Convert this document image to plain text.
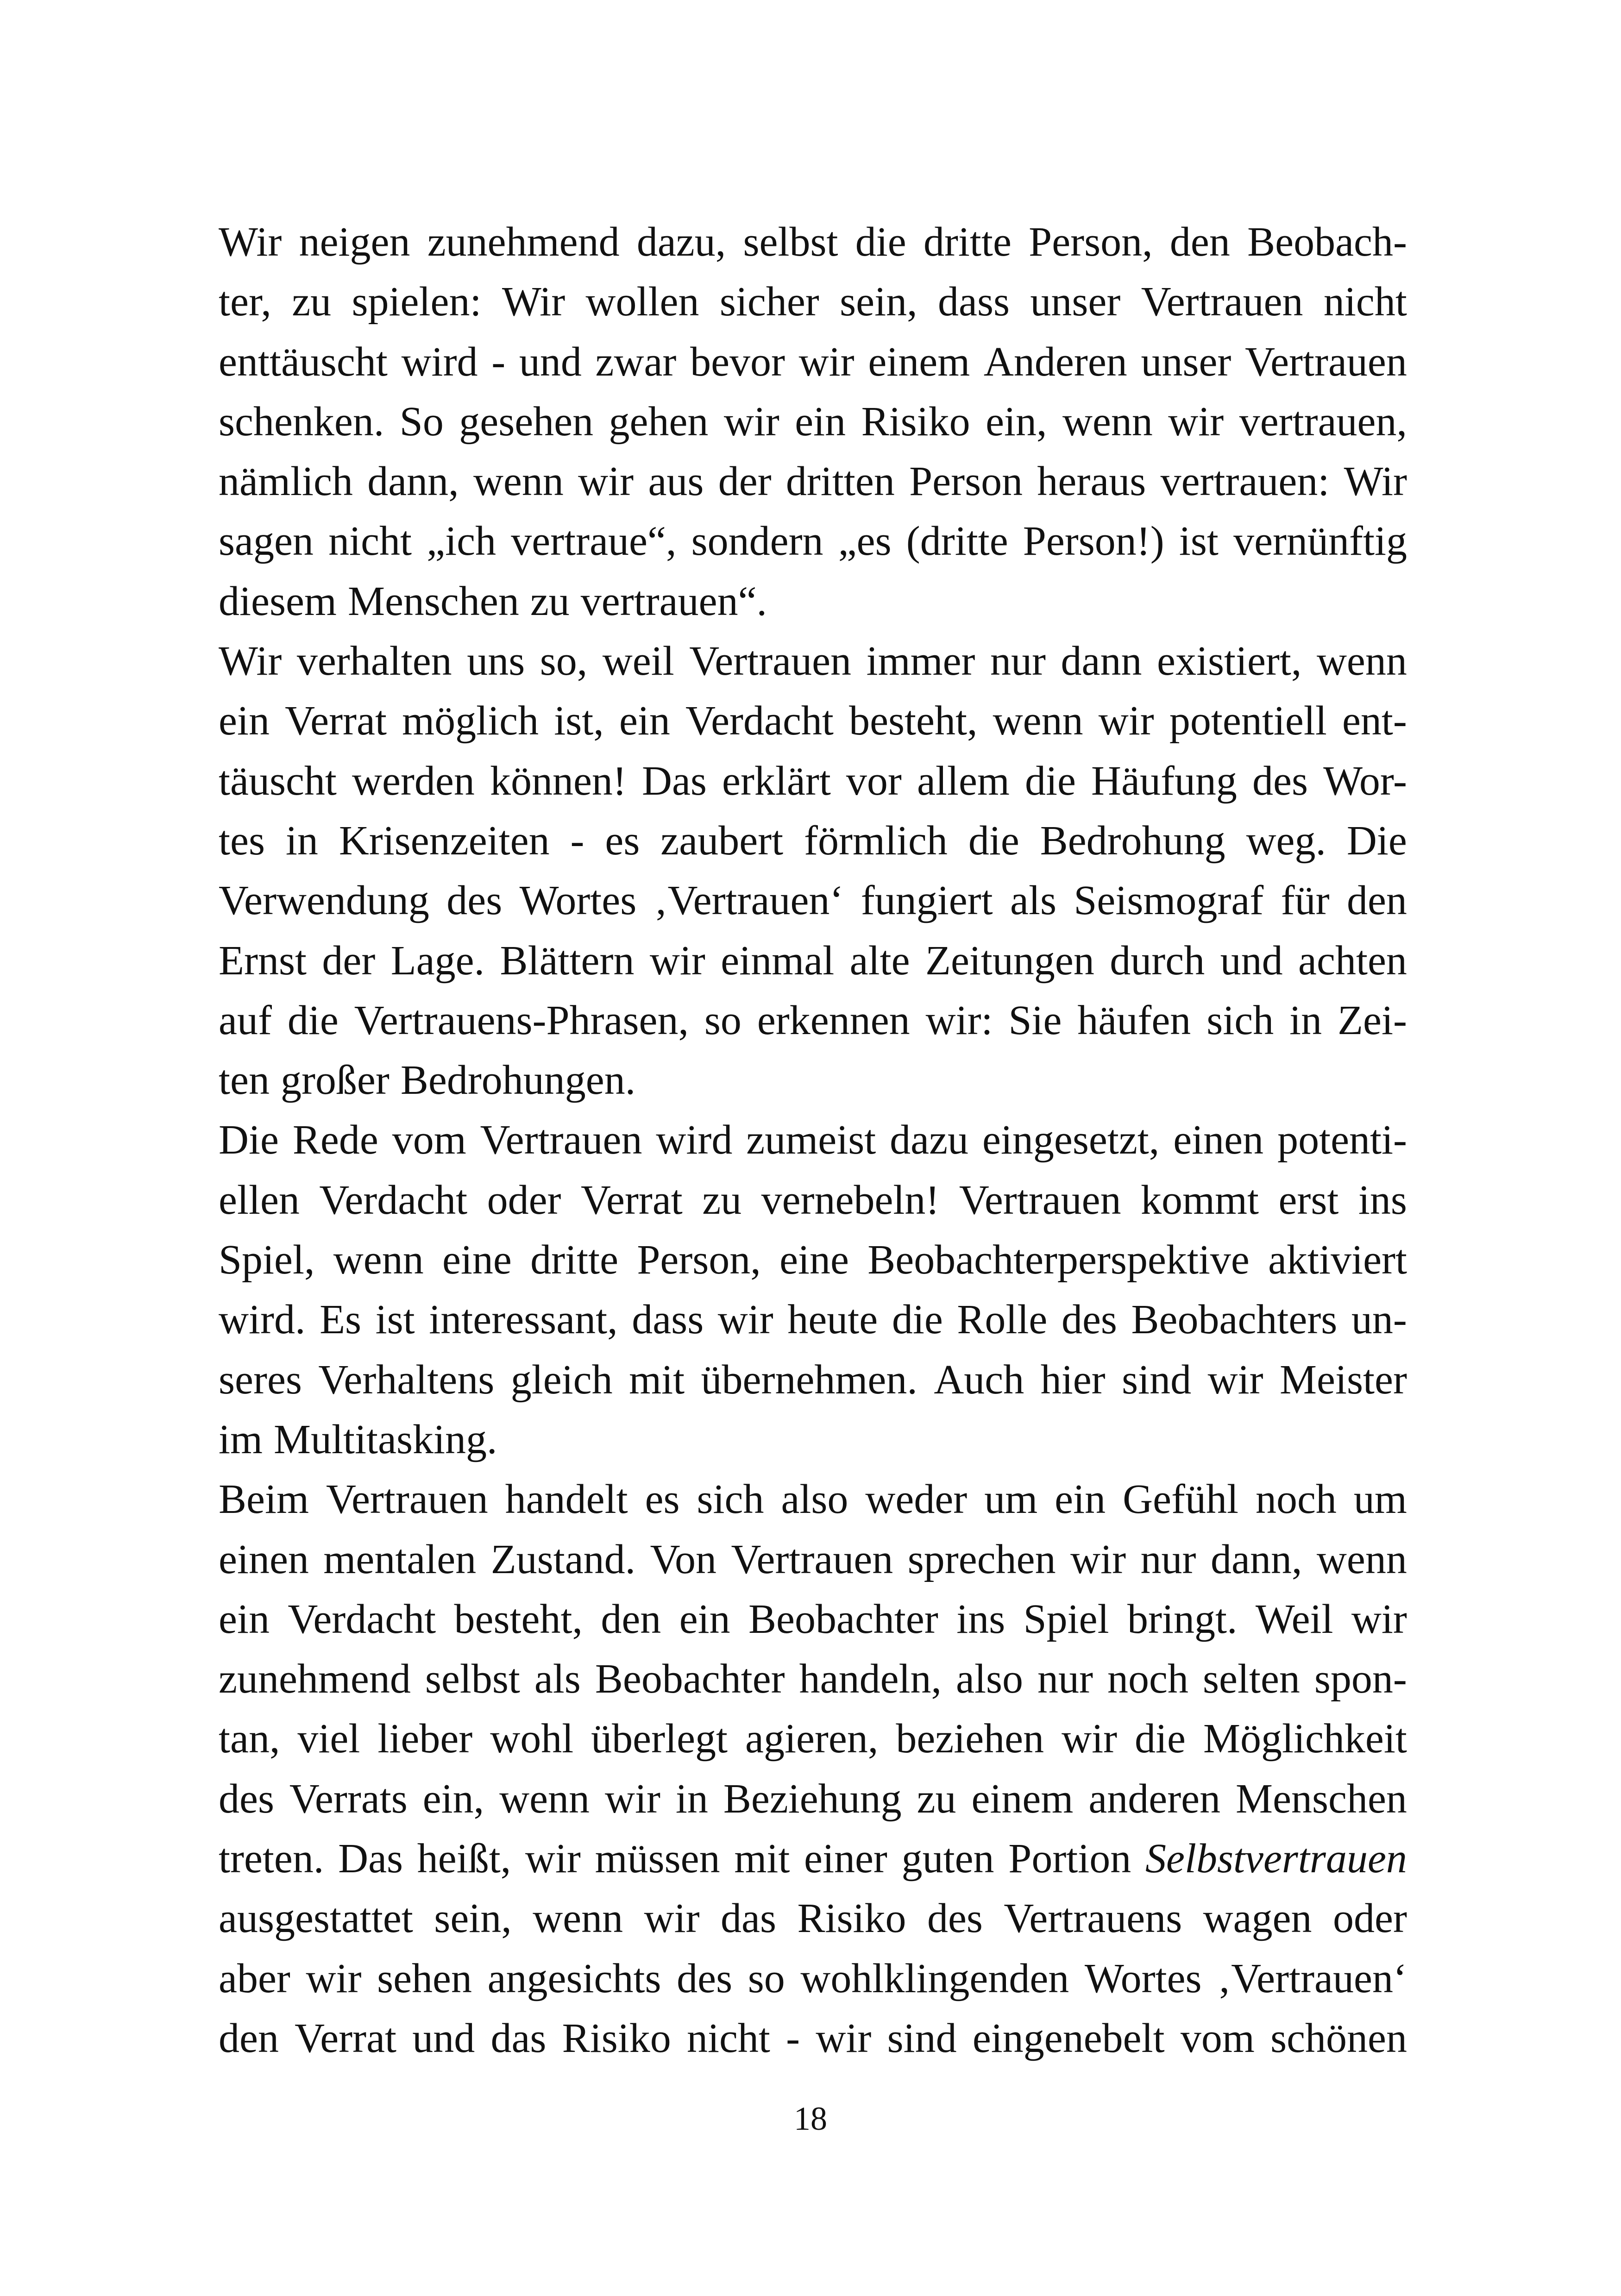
Wir neigen zunehmend dazu, selbst die dritte Person, den Beobach-
ter, zu spielen: Wir wollen sicher sein, dass unser Vertrauen nicht
enttäuscht wird - und zwar bevor wir einem Anderen unser Vertrauen
schenken. So gesehen gehen wir ein Risiko ein, wenn wir vertrauen,
nämlich dann, wenn wir aus der dritten Person heraus vertrauen: Wir
sagen nicht „ich vertraue“, sondern „es (dritte Person!) ist vernünftig
diesem Menschen zu vertrauen“.
Wir verhalten uns so, weil Vertrauen immer nur dann existiert, wenn
ein Verrat möglich ist, ein Verdacht besteht, wenn wir potentiell ent-
täuscht werden können! Das erklärt vor allem die Häufung des Wor-
tes in Krisenzeiten - es zaubert förmlich die Bedrohung weg. Die
Verwendung des Wortes ‚Vertrauen‘ fungiert als Seismograf für den
Ernst der Lage. Blättern wir einmal alte Zeitungen durch und achten
auf die Vertrauens-Phrasen, so erkennen wir: Sie häufen sich in Zei-
ten großer Bedrohungen.
Die Rede vom Vertrauen wird zumeist dazu eingesetzt, einen potenti-
ellen Verdacht oder Verrat zu vernebeln! Vertrauen kommt erst ins
Spiel, wenn eine dritte Person, eine Beobachterperspektive aktiviert
wird. Es ist interessant, dass wir heute die Rolle des Beobachters un-
seres Verhaltens gleich mit übernehmen. Auch hier sind wir Meister
im Multitasking.
Beim Vertrauen handelt es sich also weder um ein Gefühl noch um
einen mentalen Zustand. Von Vertrauen sprechen wir nur dann, wenn
ein Verdacht besteht, den ein Beobachter ins Spiel bringt. Weil wir
zunehmend selbst als Beobachter handeln, also nur noch selten spon-
tan, viel lieber wohl überlegt agieren, beziehen wir die Möglichkeit
des Verrats ein, wenn wir in Beziehung zu einem anderen Menschen
treten. Das heißt, wir müssen mit einer guten Portion Selbstvertrauen
ausgestattet sein, wenn wir das Risiko des Vertrauens wagen oder
aber wir sehen angesichts des so wohlklingenden Wortes ‚Vertrauen‘
den Verrat und das Risiko nicht - wir sind eingenebelt vom schönen
18
